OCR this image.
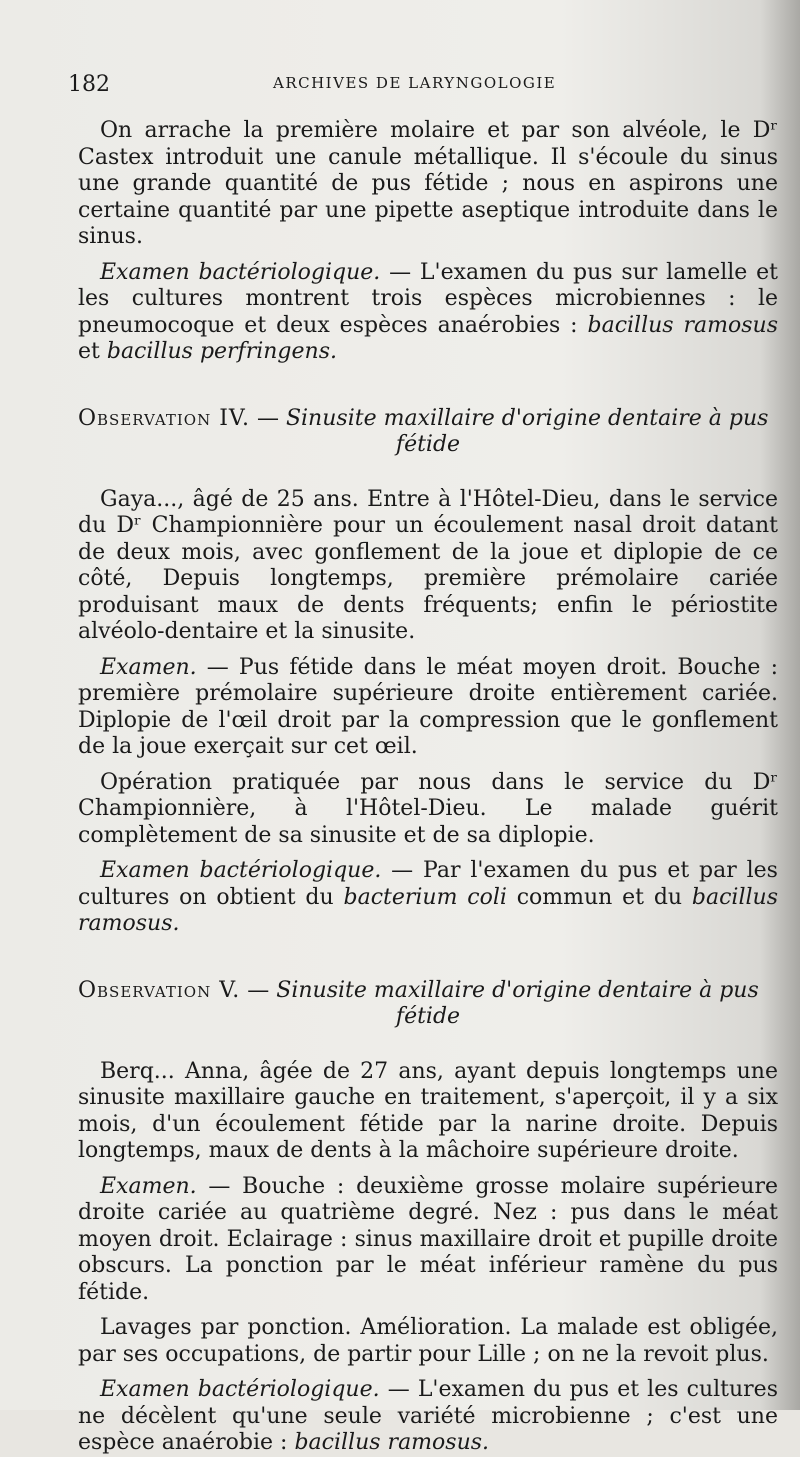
182	ARCHIVES DE LARYNGOLOGIE

On arrache la première molaire et par son alvéole, le Dʳ Castex introduit une canule métallique. Il s'écoule du sinus une grande quantité de pus fétide ; nous en aspirons une certaine quantité par une pipette aseptique introduite dans le sinus.

Examen bactériologique. — L'examen du pus sur lamelle et les cultures montrent trois espèces microbiennes : le pneumocoque et deux espèces anaérobies : bacillus ramosus et bacillus perfringens.

Observation IV. — Sinusite maxillaire d'origine dentaire à pus
fétide

Gaya..., âgé de 25 ans. Entre à l'Hôtel-Dieu, dans le service du Dʳ Championnière pour un écoulement nasal droit datant de deux mois, avec gonflement de la joue et diplopie de ce côté, Depuis longtemps, première prémolaire cariée produisant maux de dents fréquents; enfin le périostite alvéolo-dentaire et la sinusite.

Examen. — Pus fétide dans le méat moyen droit. Bouche : première prémolaire supérieure droite entièrement cariée. Diplopie de l'œil droit par la compression que le gonflement de la joue exerçait sur cet œil.

Opération pratiquée par nous dans le service du Dʳ Championnière, à l'Hôtel-Dieu. Le malade guérit complètement de sa sinusite et de sa diplopie.

Examen bactériologique. — Par l'examen du pus et par les cultures on obtient du bacterium coli commun et du bacillus ramosus.

Observation V. — Sinusite maxillaire d'origine dentaire à pus
fétide

Berq... Anna, âgée de 27 ans, ayant depuis longtemps une sinusite maxillaire gauche en traitement, s'aperçoit, il y a six mois, d'un écoulement fétide par la narine droite. Depuis longtemps, maux de dents à la mâchoire supérieure droite.

Examen. — Bouche : deuxième grosse molaire supérieure droite cariée au quatrième degré. Nez : pus dans le méat moyen droit. Eclairage : sinus maxillaire droit et pupille droite obscurs. La ponction par le méat inférieur ramène du pus fétide.

Lavages par ponction. Amélioration. La malade est obligée, par ses occupations, de partir pour Lille ; on ne la revoit plus.

Examen bactériologique. — L'examen du pus et les cultures ne décèlent qu'une seule variété microbienne ; c'est une espèce anaérobie : bacillus ramosus.
